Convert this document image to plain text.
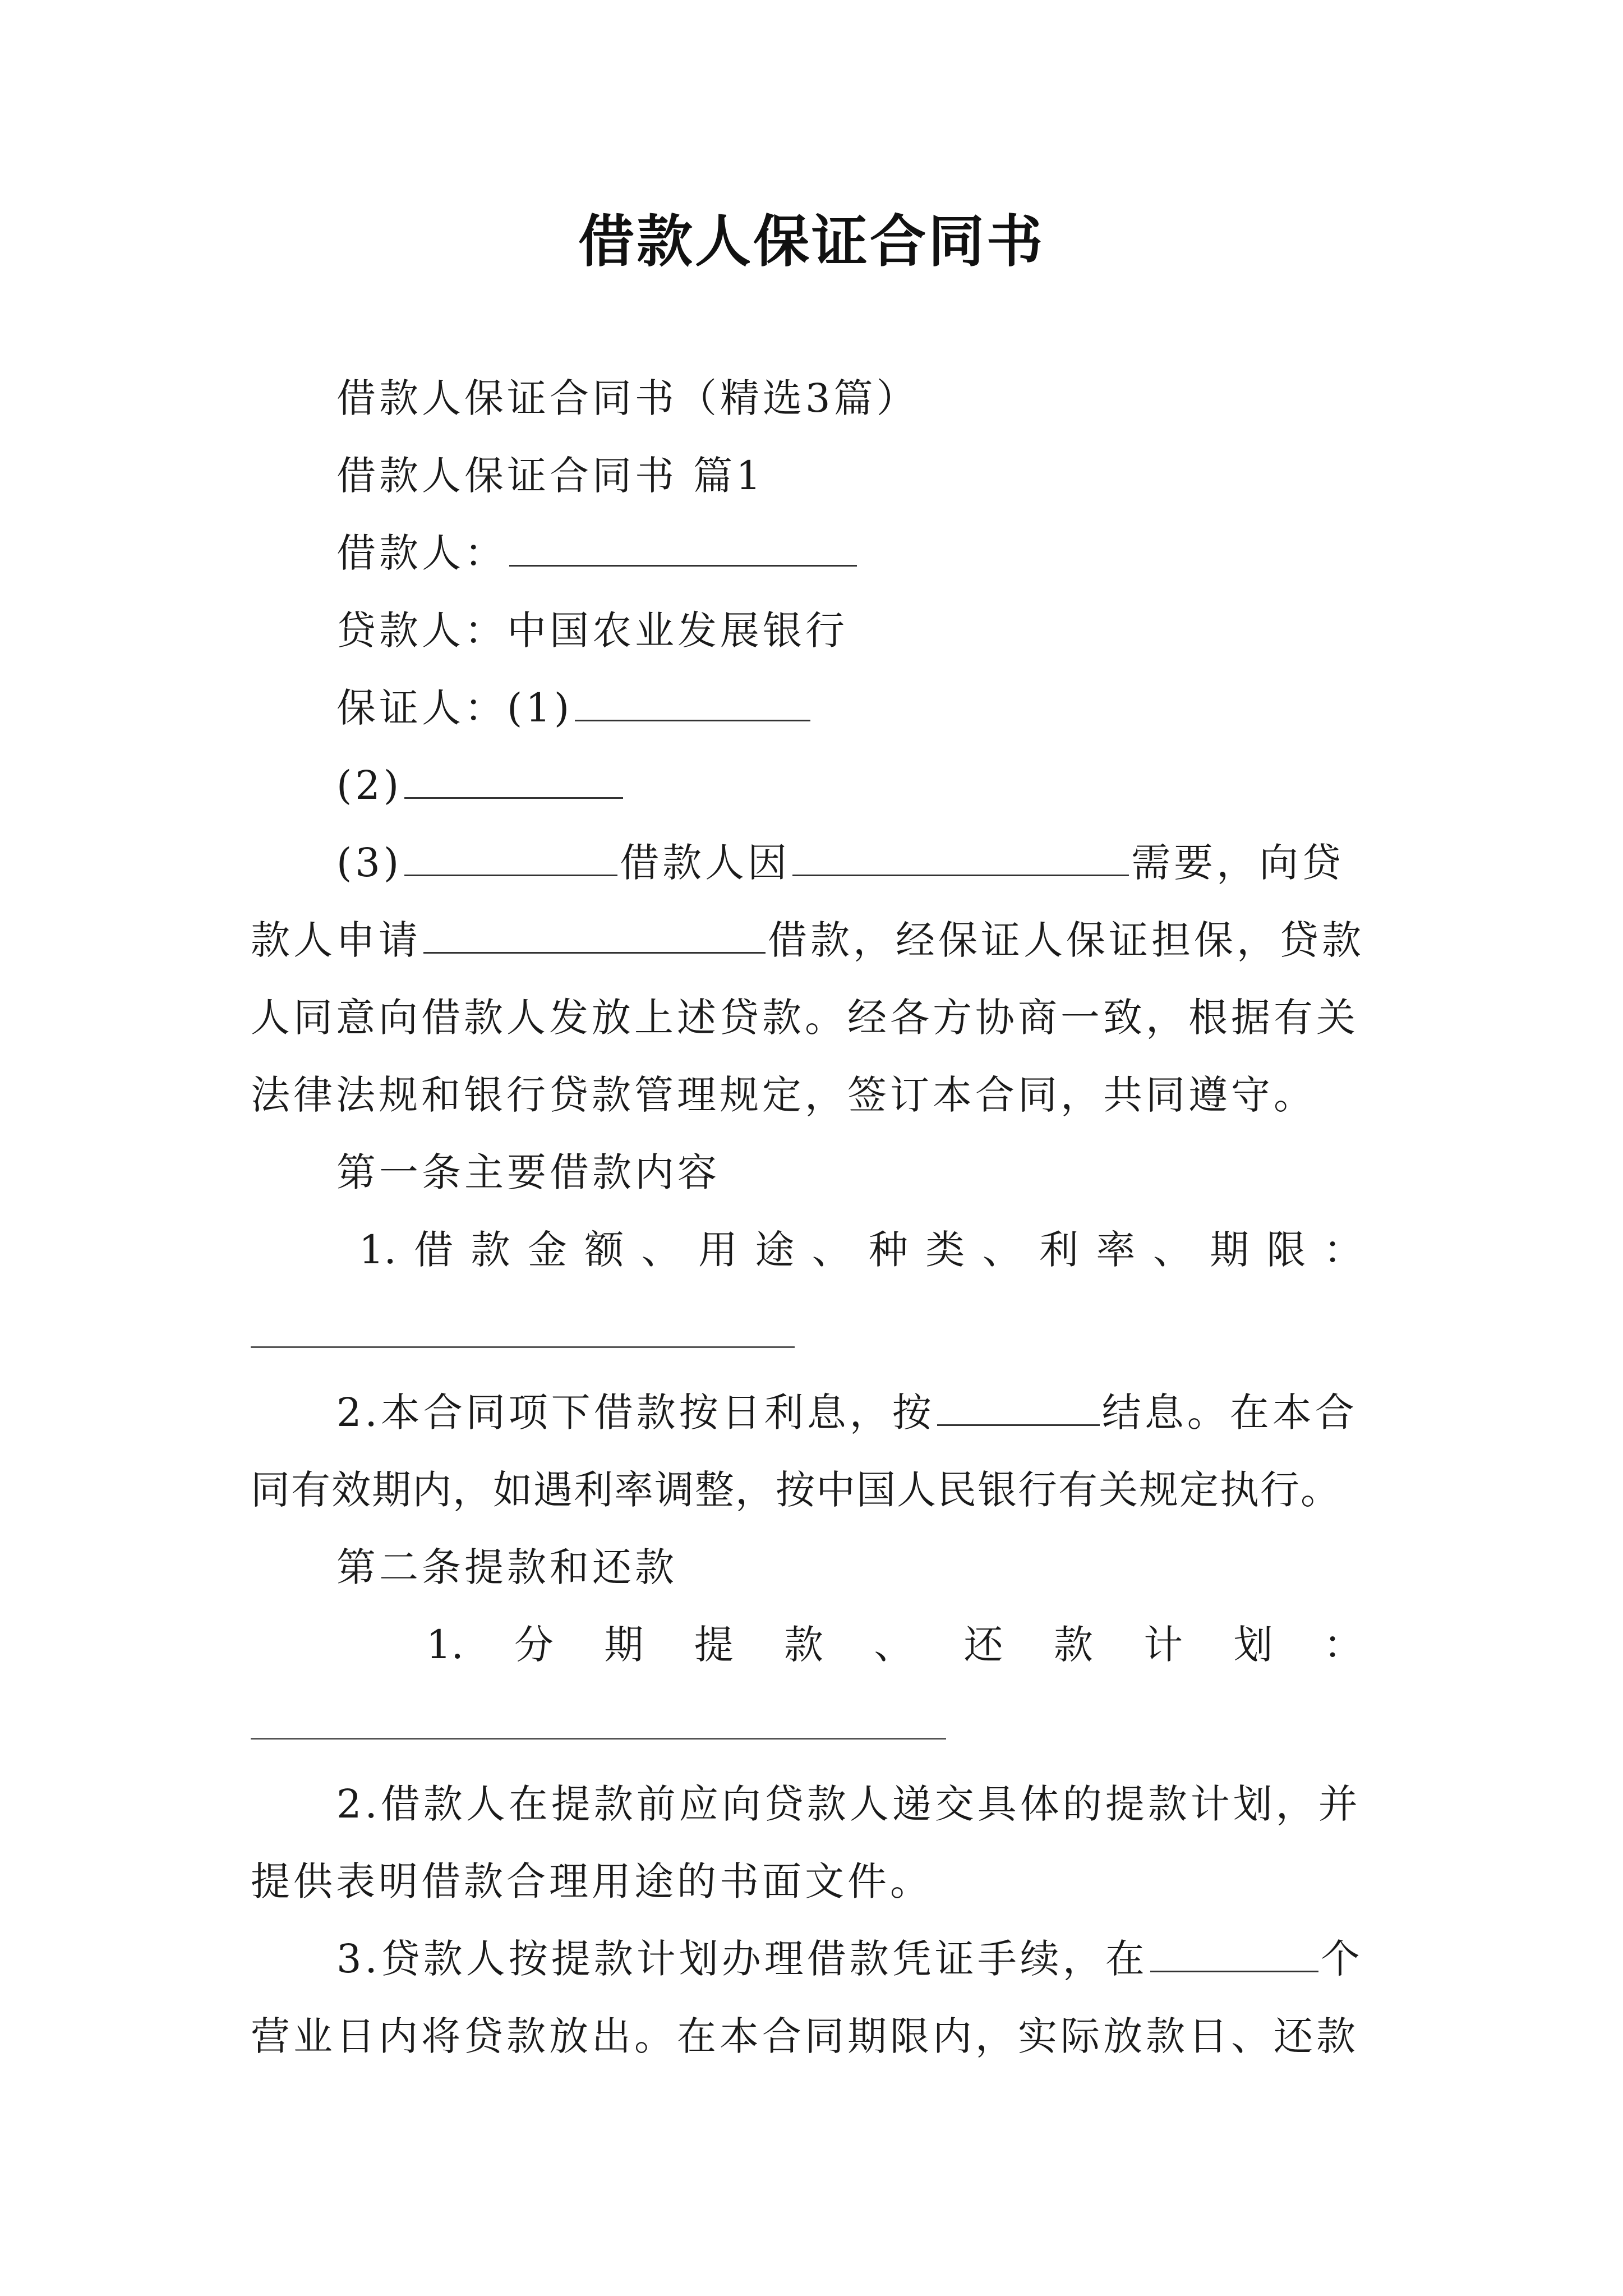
借款人保证合同书
借款人保证合同书（精选3篇）
借款人保证合同书 篇1
借款人：
贷款人：中国农业发展银行
保证人：(1)
(2)
(3)	借款人因	需要，向贷
款人申请	借款，经保证人保证担保，贷款
人同意向借款人发放上述贷款。经各方协商一致，根据有关
法律法规和银行贷款管理规定，签订本合同，共同遵守。
第一条主要借款内容
1. 借 款 金 额 、 用 途 、 种 类 、 利 率 、 期 限 ：
2.本合同项下借款按日利息，按	结息。在本合
同有效期内，如遇利率调整，按中国人民银行有关规定执行。
第二条提款和还款
1. 分 期 提 款 、 还 款 计 划 ：
2.借款人在提款前应向贷款人递交具体的提款计划，并
提供表明借款合理用途的书面文件。
3.贷款人按提款计划办理借款凭证手续，在	个
营业日内将贷款放出。在本合同期限内，实际放款日、还款
